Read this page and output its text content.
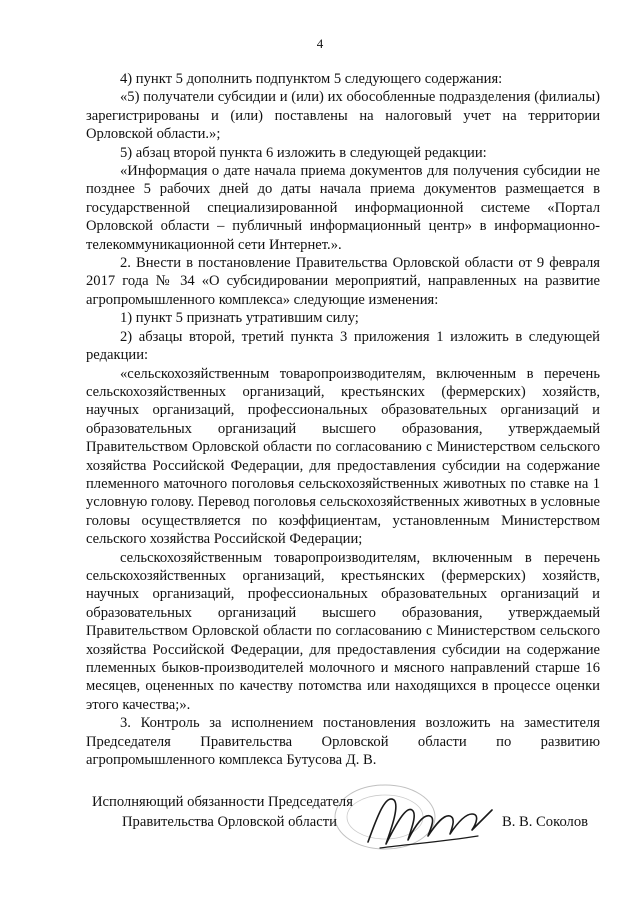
4

4) пункт 5 дополнить подпунктом 5 следующего содержания:

«5) получатели субсидии и (или) их обособленные подразделения (филиалы) зарегистрированы и (или) поставлены на налоговый учет на территории Орловской области.»;

5) абзац второй пункта 6 изложить в следующей редакции:

«Информация о дате начала приема документов для получения субсидии не позднее 5 рабочих дней до даты начала приема документов размещается в государственной специализированной информационной системе «Портал Орловской области – публичный информационный центр» в информационно-телекоммуникационной сети Интернет.».

2. Внести в постановление Правительства Орловской области от 9 февраля 2017 года № 34 «О субсидировании мероприятий, направленных на развитие агропромышленного комплекса» следующие изменения:

1) пункт 5 признать утратившим силу;

2) абзацы второй, третий пункта 3 приложения 1 изложить в следующей редакции:

«сельскохозяйственным товаропроизводителям, включенным в перечень сельскохозяйственных организаций, крестьянских (фермерских) хозяйств, научных организаций, профессиональных образовательных организаций и образовательных организаций высшего образования, утверждаемый Правительством Орловской области по согласованию с Министерством сельского хозяйства Российской Федерации, для предоставления субсидии на содержание племенного маточного поголовья сельскохозяйственных животных по ставке на 1 условную голову. Перевод поголовья сельскохозяйственных животных в условные головы осуществляется по коэффициентам, установленным Министерством сельского хозяйства Российской Федерации;

сельскохозяйственным товаропроизводителям, включенным в перечень сельскохозяйственных организаций, крестьянских (фермерских) хозяйств, научных организаций, профессиональных образовательных организаций и образовательных организаций высшего образования, утверждаемый Правительством Орловской области по согласованию с Министерством сельского хозяйства Российской Федерации, для предоставления субсидии на содержание племенных быков-производителей молочного и мясного направлений старше 16 месяцев, оцененных по качеству потомства или находящихся в процессе оценки этого качества;».

3. Контроль за исполнением постановления возложить на заместителя Председателя Правительства Орловской области по развитию агропромышленного комплекса Бутусова Д. В.

Исполняющий обязанности Председателя
Правительства Орловской области	В. В. Соколов
